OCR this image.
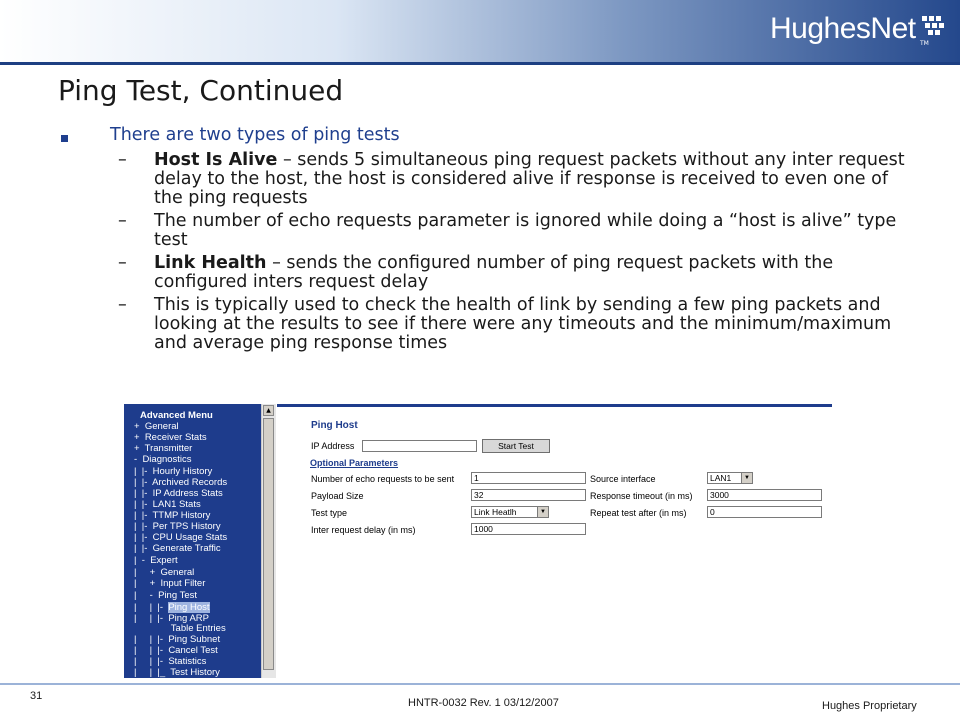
HughesNet TM
Ping Test, Continued
There are two types of ping tests
– Host Is Alive – sends 5 simultaneous ping request packets without any inter request delay to the host, the host is considered alive if response is received to even one of the ping requests
– The number of echo requests parameter is ignored while doing a “host is alive” type test
– Link Health – sends the configured number of ping request packets with the configured inters request delay
– This is typically used to check the health of link by sending a few ping packets and looking at the results to see if there were any timeouts and the minimum/maximum and average ping response times
Advanced Menu
+  General
+  Receiver Stats
+  Transmitter
-  Diagnostics
|  |-  Hourly History
|  |-  Archived Records
|  |-  IP Address Stats
|  |-  LAN1 Stats
|  |-  TTMP History
|  |-  Per TPS History
|  |-  CPU Usage Stats
|  |-  Generate Traffic
|  -  Expert
|     +  General
|     +  Input Filter
|     -  Ping Test
|     |  |-  Ping Host
|     |  |-  Ping ARP
Table Entries
|     |  |-  Ping Subnet
|     |  |-  Cancel Test
|     |  |-  Statistics
|     |  |_  Test History
▲
Ping Host
IP Address	Start Test
Optional Parameters
Number of echo requests to be sent	1	Source interface	LAN1	▼
Payload Size	32	Response timeout (in ms)	3000
Test type	Link Heatlh	▼	Repeat test after (in ms)	0
Inter request delay (in ms)	1000
31
HNTR-0032 Rev. 1 03/12/2007	Hughes Proprietary
